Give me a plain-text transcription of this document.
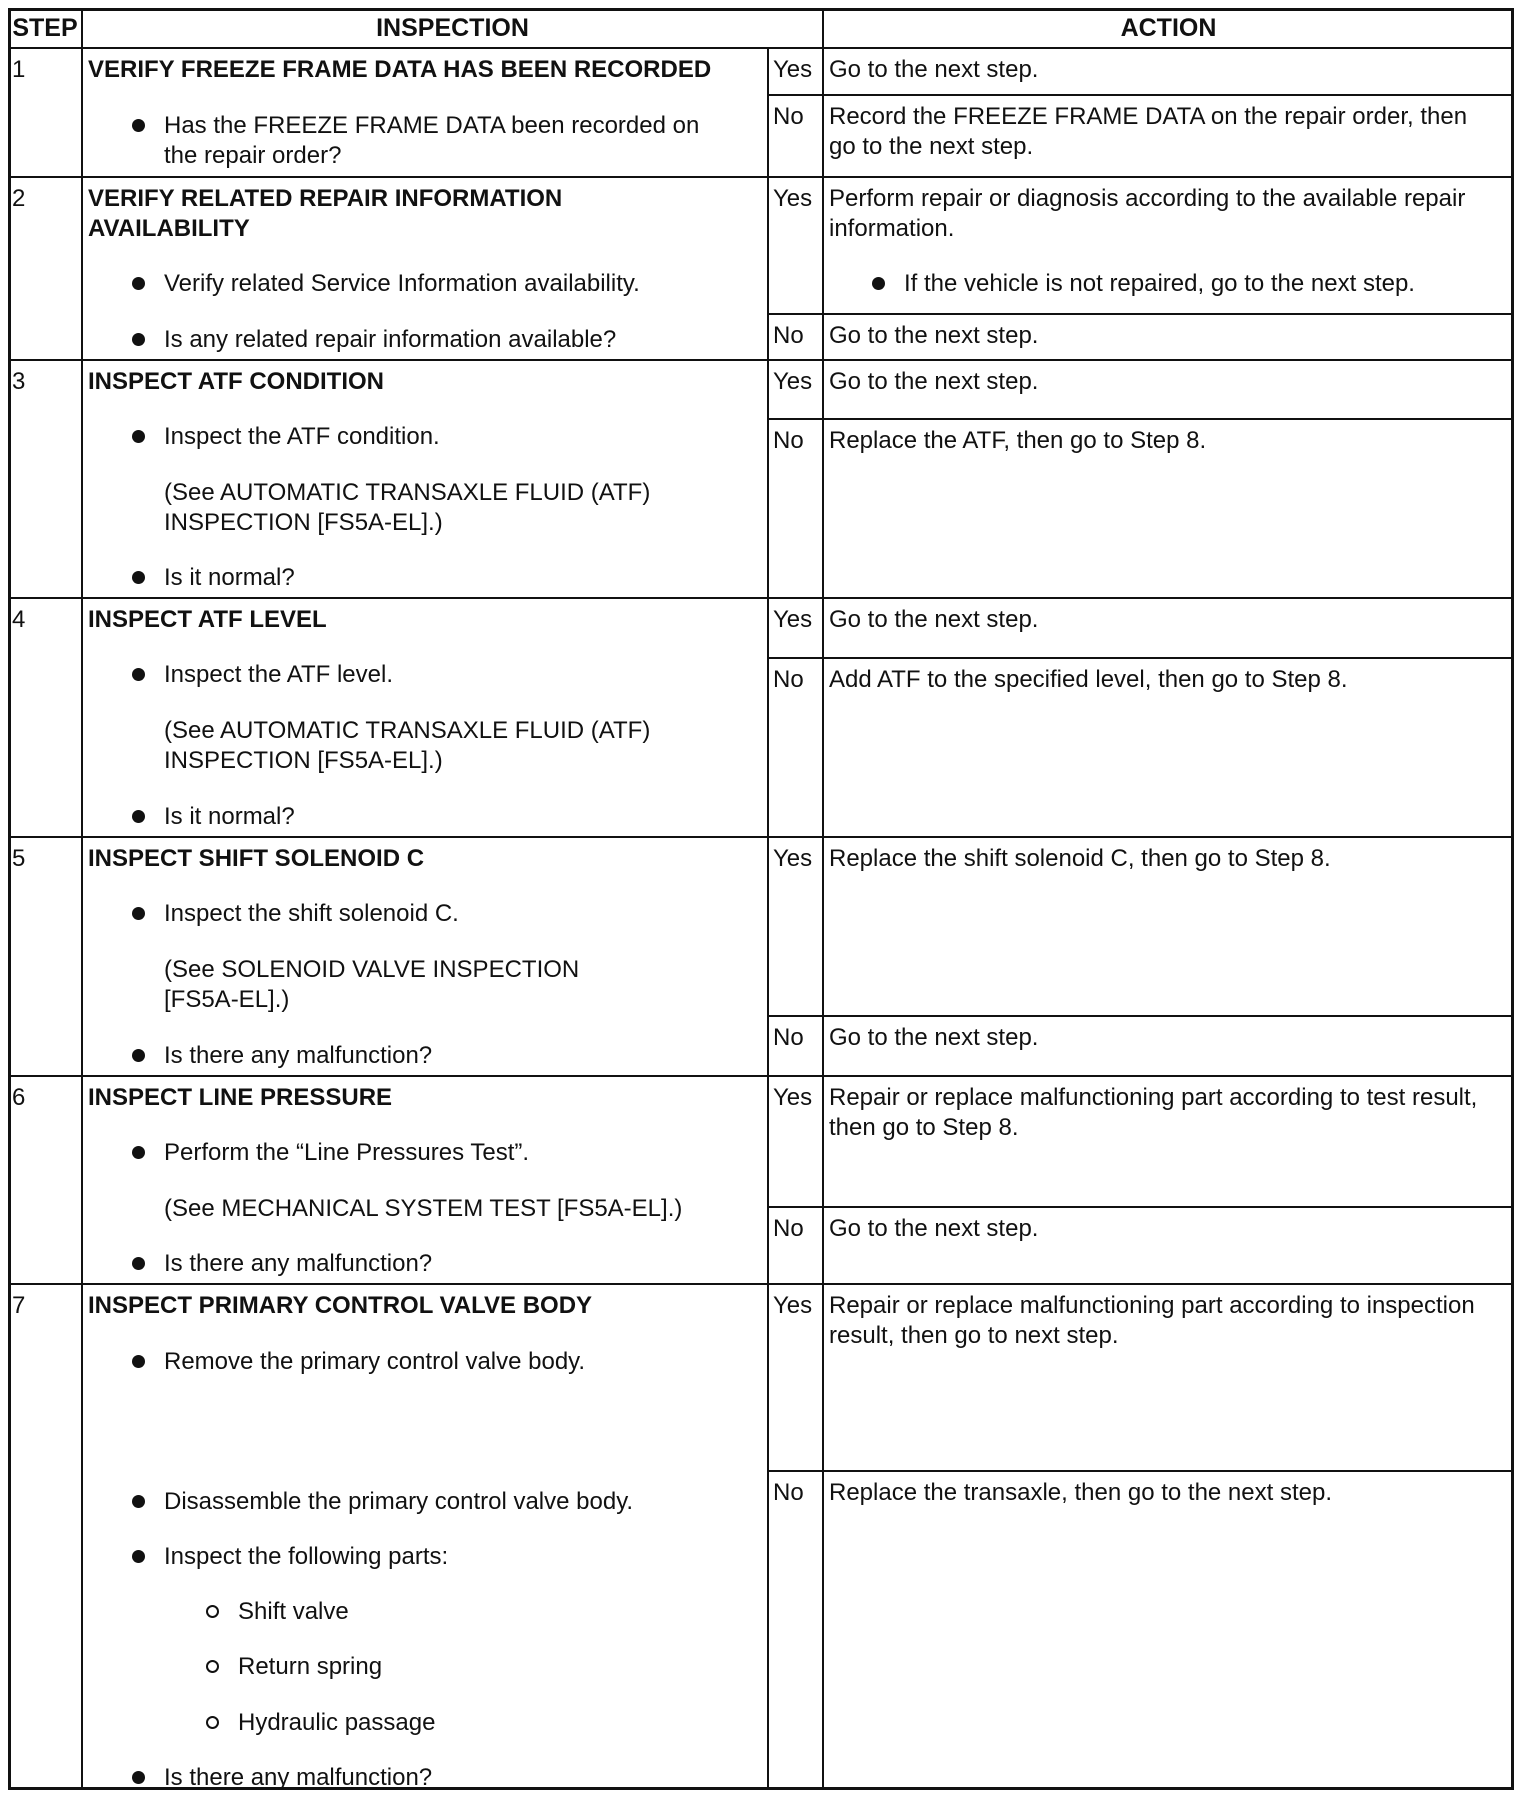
STEP	INSPECTION	ACTION
1	VERIFY FREEZE FRAME DATA HAS BEEN RECORDED
Has the FREEZE FRAME DATA been recorded on
the repair order?
Yes Go to the next step.
No Record the FREEZE FRAME DATA on the repair order, then
go to the next step.
2	VERIFY RELATED REPAIR INFORMATION
AVAILABILITY
Verify related Service Information availability.
Is any related repair information available?
Yes Perform repair or diagnosis according to the available repair
information.
If the vehicle is not repaired, go to the next step.
No Go to the next step.
3	INSPECT ATF CONDITION
Inspect the ATF condition.
(See AUTOMATIC TRANSAXLE FLUID (ATF)
INSPECTION [FS5A-EL].)
Is it normal?
Yes Go to the next step.
No Replace the ATF, then go to Step 8.
4	INSPECT ATF LEVEL
Inspect the ATF level.
(See AUTOMATIC TRANSAXLE FLUID (ATF)
INSPECTION [FS5A-EL].)
Is it normal?
Yes Go to the next step.
No Add ATF to the specified level, then go to Step 8.
5	INSPECT SHIFT SOLENOID C
Inspect the shift solenoid C.
(See SOLENOID VALVE INSPECTION
[FS5A-EL].)
Is there any malfunction?
Yes Replace the shift solenoid C, then go to Step 8.
No Go to the next step.
6	INSPECT LINE PRESSURE
Perform the “Line Pressures Test”.
(See MECHANICAL SYSTEM TEST [FS5A-EL].)
Is there any malfunction?
Yes Repair or replace malfunctioning part according to test result,
then go to Step 8.
No Go to the next step.
7	INSPECT PRIMARY CONTROL VALVE BODY
Remove the primary control valve body.
Disassemble the primary control valve body.
Inspect the following parts:
Shift valve
Return spring
Hydraulic passage
Is there any malfunction?
Yes Repair or replace malfunctioning part according to inspection
result, then go to next step.
No Replace the transaxle, then go to the next step.
